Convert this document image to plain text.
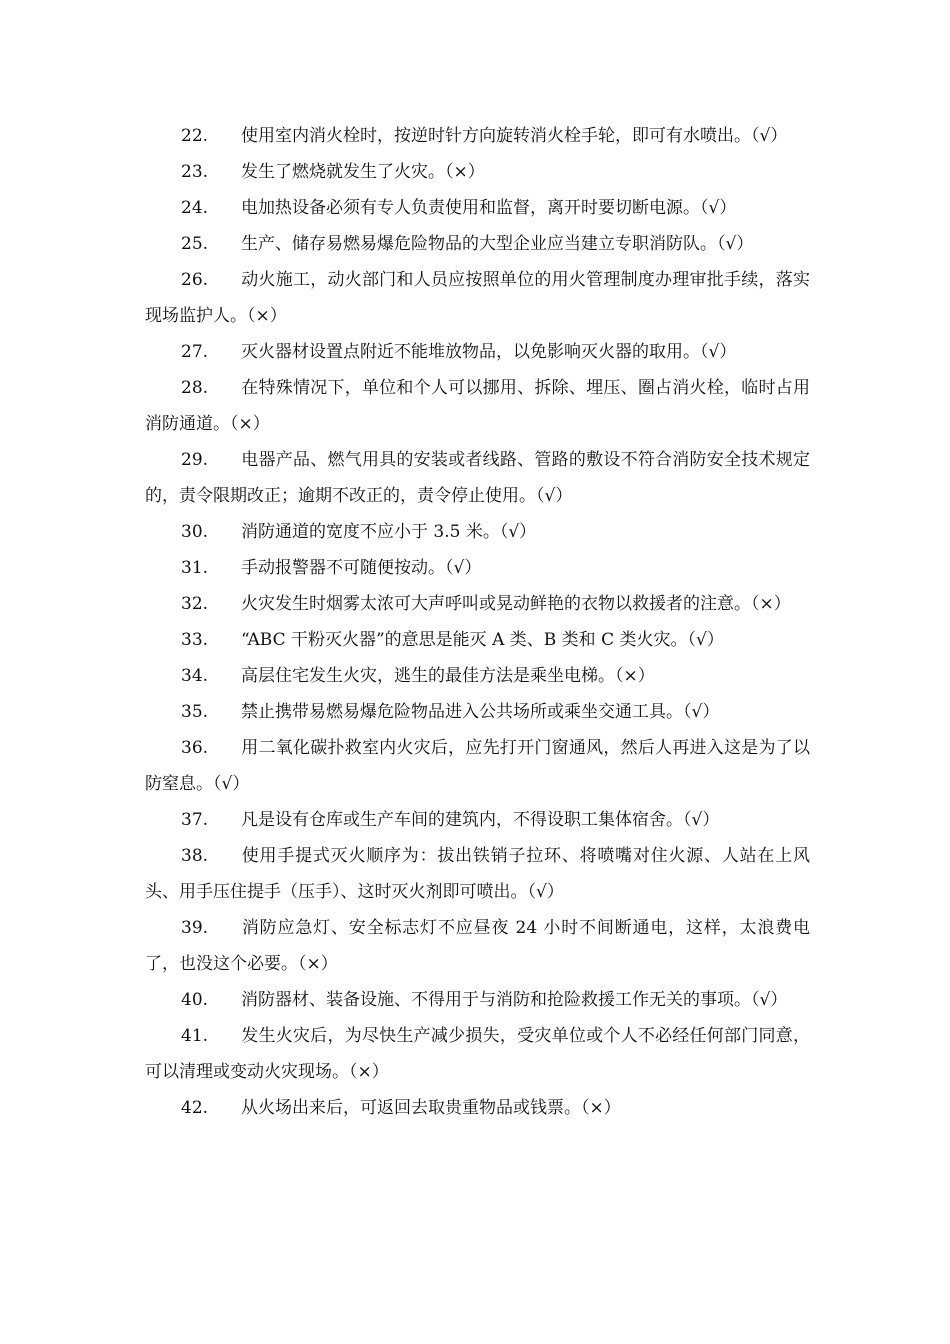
22. 使用室内消火栓时，按逆时针方向旋转消火栓手轮，即可有水喷出。（√）

23. 发生了燃烧就发生了火灾。（×）

24. 电加热设备必须有专人负责使用和监督，离开时要切断电源。（√）

25. 生产、储存易燃易爆危险物品的大型企业应当建立专职消防队。（√）

26. 动火施工，动火部门和人员应按照单位的用火管理制度办理审批手续，落实现场监护人。（×）

27. 灭火器材设置点附近不能堆放物品，以免影响灭火器的取用。（√）

28. 在特殊情况下，单位和个人可以挪用、拆除、埋压、圈占消火栓，临时占用消防通道。（×）

29. 电器产品、燃气用具的安装或者线路、管路的敷设不符合消防安全技术规定的，责令限期改正；逾期不改正的，责令停止使用。（√）

30. 消防通道的宽度不应小于 3.5 米。（√）

31. 手动报警器不可随便按动。（√）

32. 火灾发生时烟雾太浓可大声呼叫或晃动鲜艳的衣物以救援者的注意。（×）

33. “ABC 干粉灭火器”的意思是能灭 A 类、B 类和 C 类火灾。（√）

34. 高层住宅发生火灾，逃生的最佳方法是乘坐电梯。（×）

35. 禁止携带易燃易爆危险物品进入公共场所或乘坐交通工具。（√）

36. 用二氧化碳扑救室内火灾后，应先打开门窗通风，然后人再进入这是为了以防窒息。（√）

37. 凡是设有仓库或生产车间的建筑内，不得设职工集体宿舍。（√）

38. 使用手提式灭火顺序为：拔出铁销子拉环、将喷嘴对住火源、人站在上风头、用手压住提手（压手）、这时灭火剂即可喷出。（√）

39. 消防应急灯、安全标志灯不应昼夜 24 小时不间断通电，这样，太浪费电了，也没这个必要。（×）

40. 消防器材、装备设施、不得用于与消防和抢险救援工作无关的事项。（√）

41. 发生火灾后，为尽快生产减少损失，受灾单位或个人不必经任何部门同意，可以清理或变动火灾现场。（×）

42. 从火场出来后，可返回去取贵重物品或钱票。（×）
